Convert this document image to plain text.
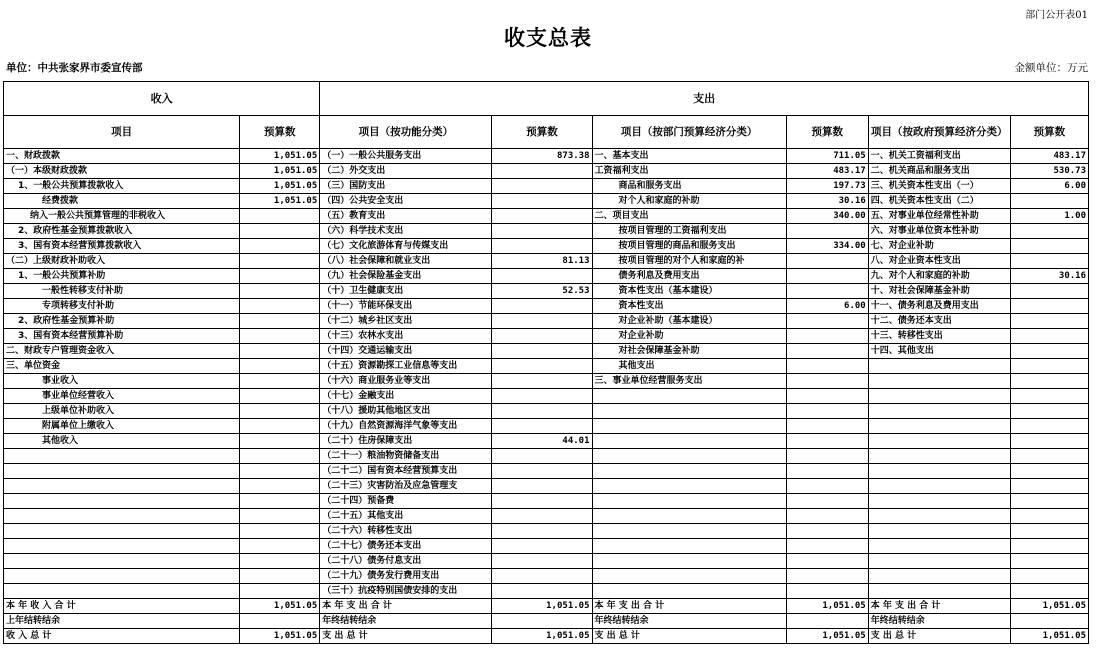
部门公开表01
收支总表
单位：中共张家界市委宣传部	金额单位：万元
收入		支出					
项目	预算数	项目（按功能分类）	预算数	项目（按部门预算经济分类）	预算数	项目（按政府预算经济分类）	预算数
一、财政拨款	1,051.05	（一）一般公共服务支出	873.38	一、基本支出	711.05	一、机关工资福利支出	483.17
（一）本级财政拨款	1,051.05	（二）外交支出		工资福利支出	483.17	二、机关商品和服务支出	530.73
1、一般公共预算拨款收入	1,051.05	（三）国防支出		商品和服务支出	197.73	三、机关资本性支出（一）	6.00
经费拨款	1,051.05	（四）公共安全支出		对个人和家庭的补助	30.16	四、机关资本性支出（二）	
纳入一般公共预算管理的非税收入		（五）教育支出		二、项目支出	340.00	五、对事业单位经常性补助	1.00
2、政府性基金预算拨款收入		（六）科学技术支出		按项目管理的工资福利支出		六、对事业单位资本性补助	
3、国有资本经营预算拨款收入		（七）文化旅游体育与传媒支出		按项目管理的商品和服务支出	334.00	七、对企业补助	
（二）上级财政补助收入		（八）社会保障和就业支出	81.13	按项目管理的对个人和家庭的补		八、对企业资本性支出	
1、一般公共预算补助		（九）社会保险基金支出		债务利息及费用支出		九、对个人和家庭的补助	30.16
一般性转移支付补助		（十）卫生健康支出	52.53	资本性支出（基本建设）		十、对社会保障基金补助	
专项转移支付补助		（十一）节能环保支出		资本性支出	6.00	十一、债务利息及费用支出	
2、政府性基金预算补助		（十二）城乡社区支出		对企业补助（基本建设）		十二、债务还本支出	
3、国有资本经营预算补助		（十三）农林水支出		对企业补助		十三、转移性支出	
二、财政专户管理资金收入		（十四）交通运输支出		对社会保障基金补助		十四、其他支出	
三、单位资金		（十五）资源勘探工业信息等支出		其他支出			
事业收入		（十六）商业服务业等支出		三、事业单位经营服务支出			
事业单位经营收入		（十七）金融支出					
上级单位补助收入		（十八）援助其他地区支出					
附属单位上缴收入		（十九）自然资源海洋气象等支出					
其他收入		（二十）住房保障支出	44.01				
		（二十一）粮油物资储备支出					
		（二十二）国有资本经营预算支出					
		（二十三）灾害防治及应急管理支					
		（二十四）预备费					
		（二十五）其他支出					
		（二十六）转移性支出					
		（二十七）债务还本支出					
		（二十八）债务付息支出					
		（二十九）债务发行费用支出					
		（三十）抗疫特别国债安排的支出					
本 年 收 入 合 计	1,051.05	本 年 支 出 合 计	1,051.05	本 年 支 出 合 计	1,051.05	本 年 支 出 合 计	1,051.05
上年结转结余		年终结转结余		年终结转结余		年终结转结余	
收 入 总 计	1,051.05	支 出 总 计	1,051.05	支 出 总 计	1,051.05	支 出 总 计	1,051.05
